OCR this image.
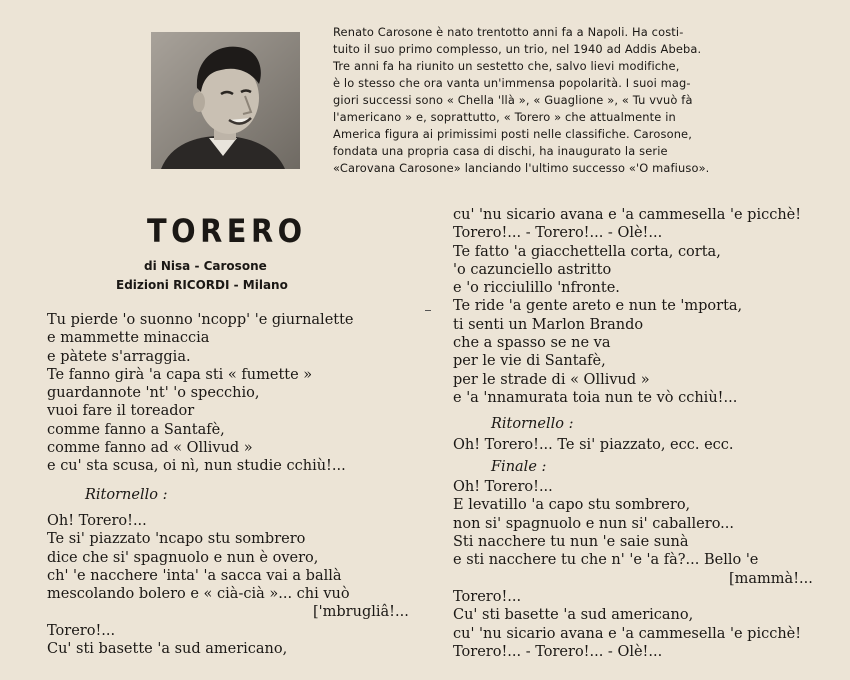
Renato Carosone è nato trentotto anni fa a Napoli. Ha costi-
tuito il suo primo complesso, un trio, nel 1940 ad Addis Abeba.
Tre anni fa ha riunito un sestetto che, salvo lievi modifiche,
è lo stesso che ora vanta un'immensa popolarità. I suoi mag-
giori successi sono « Chella 'llà », « Guaglione », « Tu vvuò fà
l'americano » e, soprattutto, « Torero » che attualmente in
America figura ai primissimi posti nelle classifiche. Carosone,
fondata una propria casa di dischi, ha inaugurato la serie
«Carovana Carosone» lanciando l'ultimo successo «'O mafiuso».
TORERO
di Nisa - Carosone
Edizioni RICORDI - Milano
Tu pierde 'o suonno 'ncopp' 'e giurnalette
e mammette minaccia
e pàtete s'arraggia.
Te fanno girà 'a capa sti « fumette »
guardannote 'nt' 'o specchio,
vuoi fare il toreador
comme fanno a Santafè,
comme fanno ad « Ollivud »
e cu' sta scusa, oi nì, nun studie cchiù!...
Ritornello :
Oh! Torero!...
Te si' piazzato 'ncapo stu sombrero
dice che si' spagnuolo e nun è overo,
ch' 'e nacchere 'inta' 'a sacca vai a ballà
mescolando bolero e « cià-cià »... chi vuò
['mbrugliâ!...
Torero!...
Cu' sti basette 'a sud americano,
cu' 'nu sicario avana e 'a cammesella 'e picchè!
Torero!... - Torero!... - Olè!...
Te fatto 'a giacchettella corta, corta,
'o cazunciello astritto
e 'o ricciulillo 'nfronte.
Te ride 'a gente areto e nun te 'mporta,
ti senti un Marlon Brando
che a spasso se ne va
per le vie di Santafè,
per le strade di « Ollivud »
e 'a 'nnamurata toia nun te vò cchiù!...
Ritornello :
Oh! Torero!... Te si' piazzato, ecc. ecc.
Finale :
Oh! Torero!...
E levatillo 'a capo stu sombrero,
non si' spagnuolo e nun si' caballero...
Sti nacchere tu nun 'e saie sunà
e sti nacchere tu che n' 'e 'a fà?... Bello 'e
[mammà!...
Torero!...
Cu' sti basette 'a sud americano,
cu' 'nu sicario avana e 'a cammesella 'e picchè!
Torero!... - Torero!... - Olè!...
